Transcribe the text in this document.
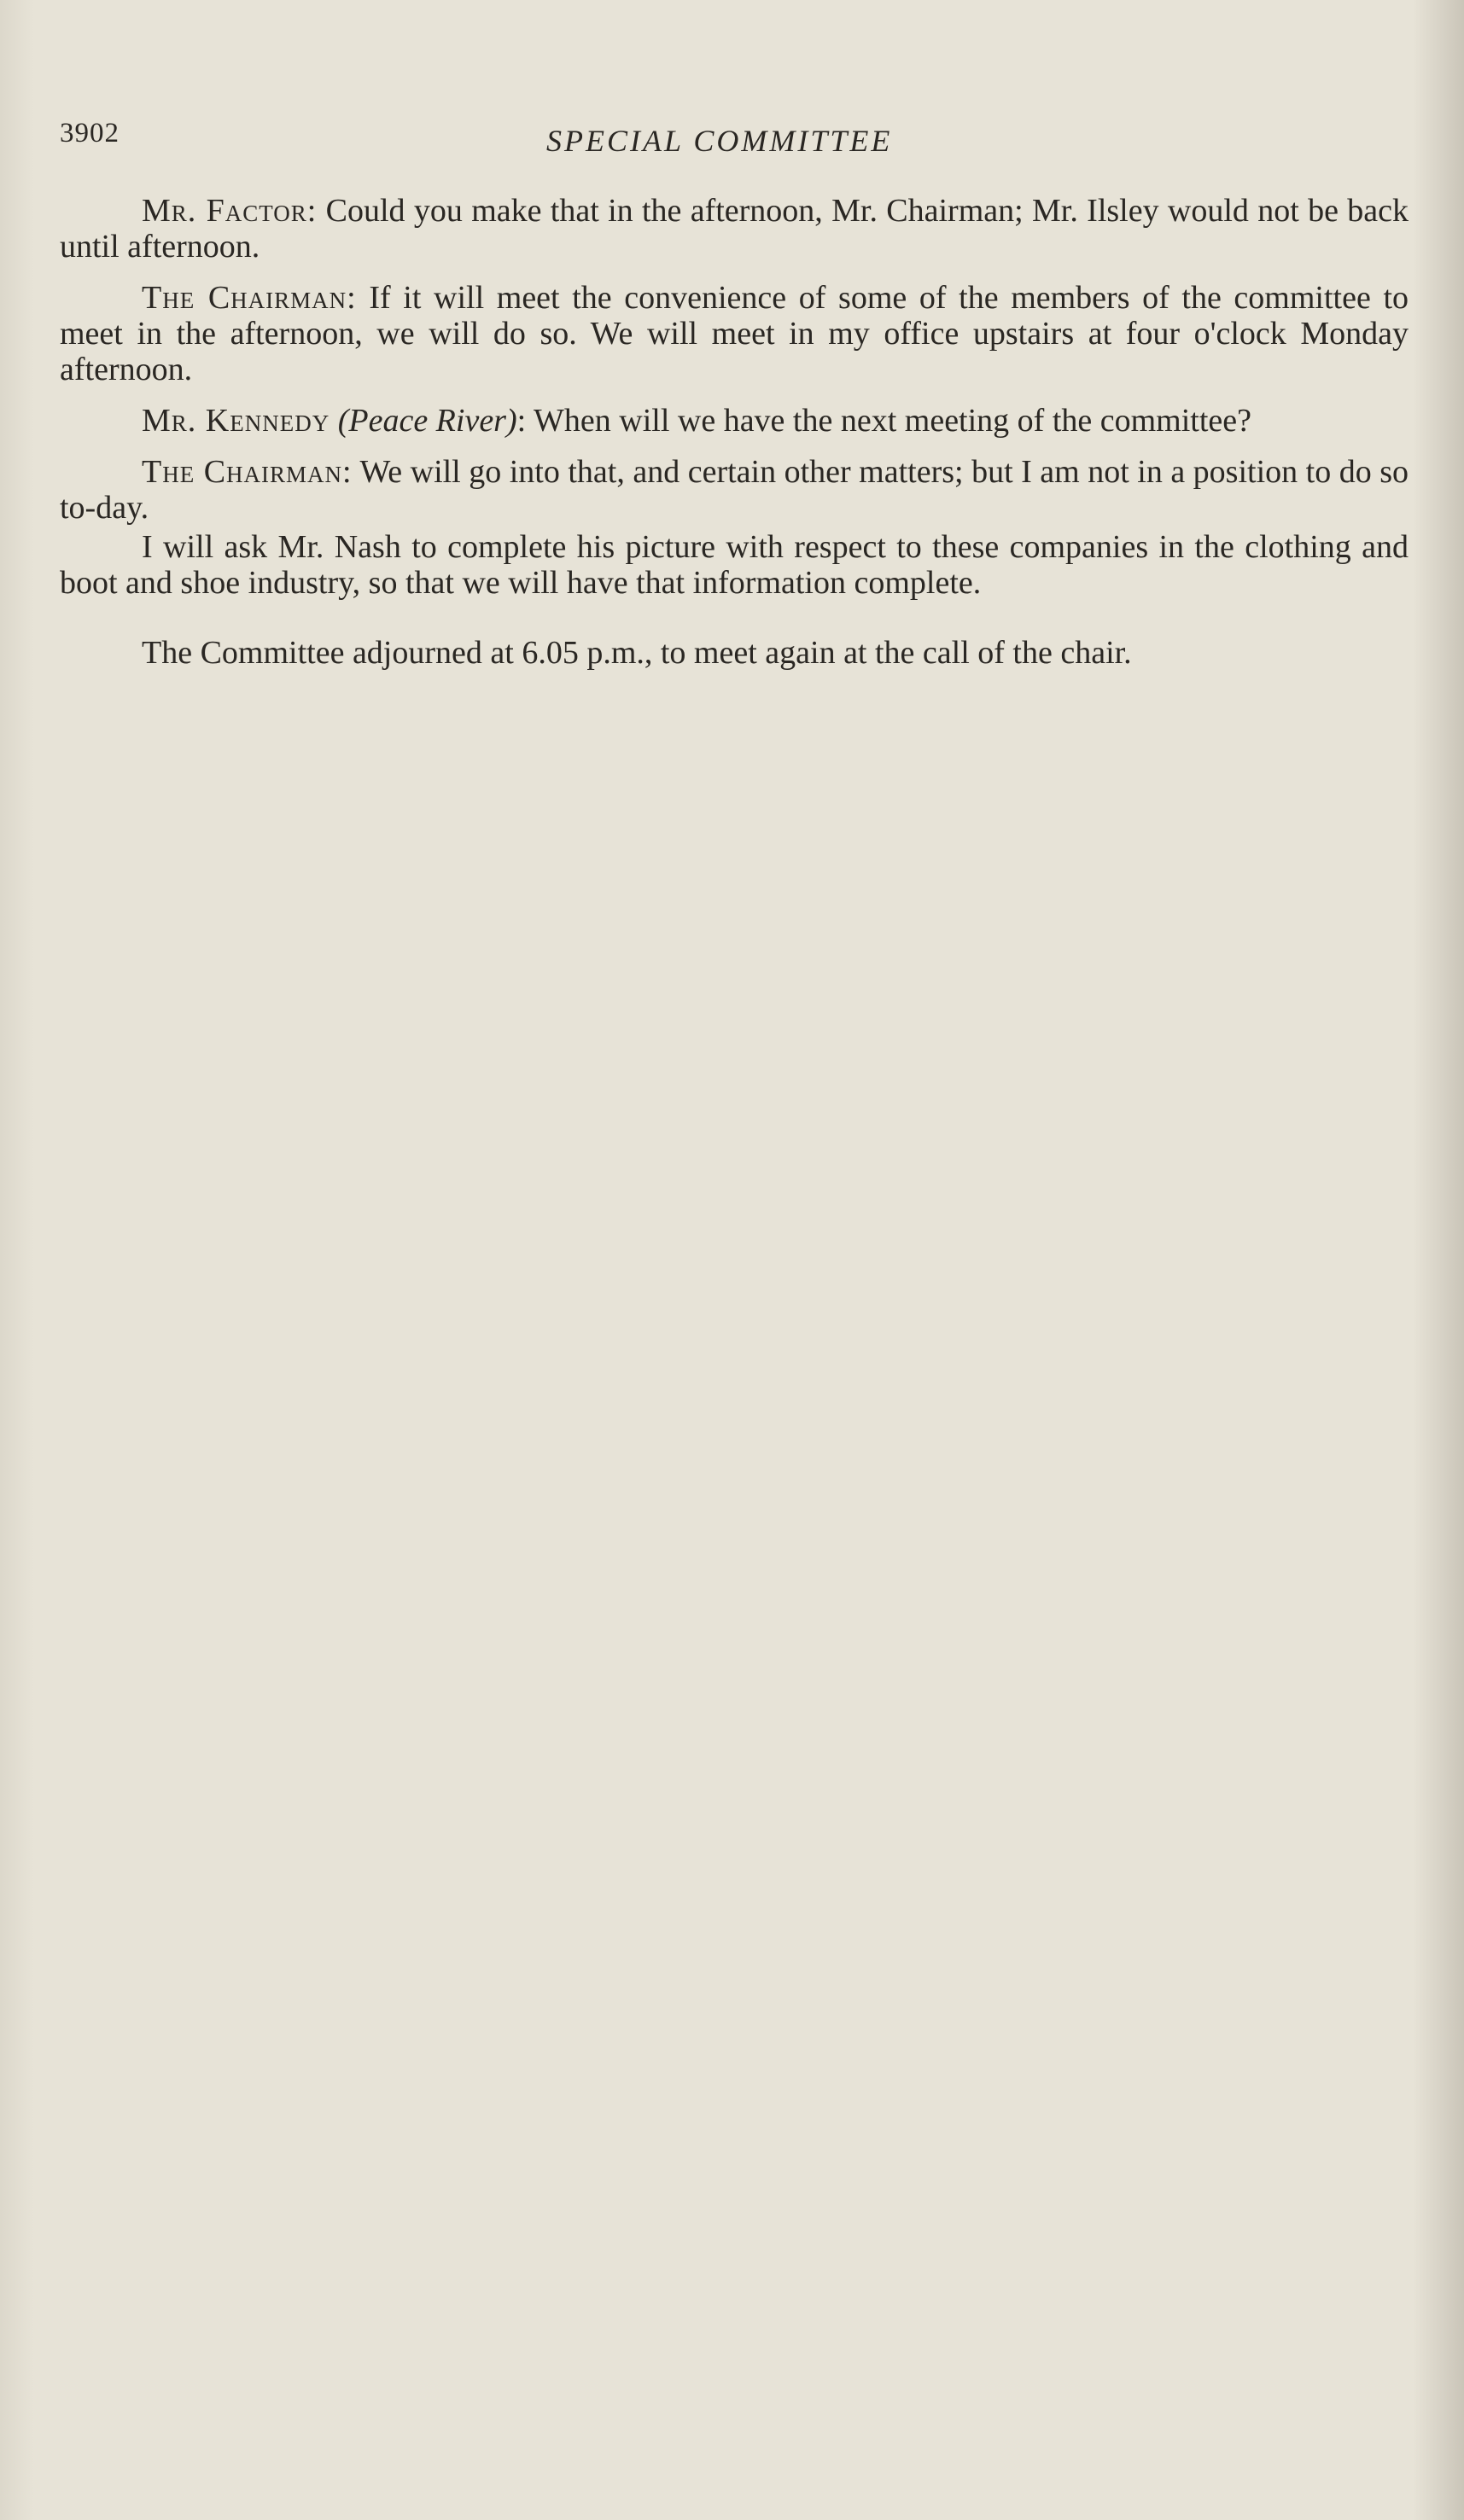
3902	SPECIAL COMMITTEE

Mr. Factor: Could you make that in the afternoon, Mr. Chairman; Mr. Ilsley would not be back until afternoon.

The Chairman: If it will meet the convenience of some of the members of the committee to meet in the afternoon, we will do so. We will meet in my office upstairs at four o'clock Monday afternoon.

Mr. Kennedy (Peace River): When will we have the next meeting of the committee?

The Chairman: We will go into that, and certain other matters; but I am not in a position to do so to-day.

I will ask Mr. Nash to complete his picture with respect to these companies in the clothing and boot and shoe industry, so that we will have that information complete.

The Committee adjourned at 6.05 p.m., to meet again at the call of the chair.
